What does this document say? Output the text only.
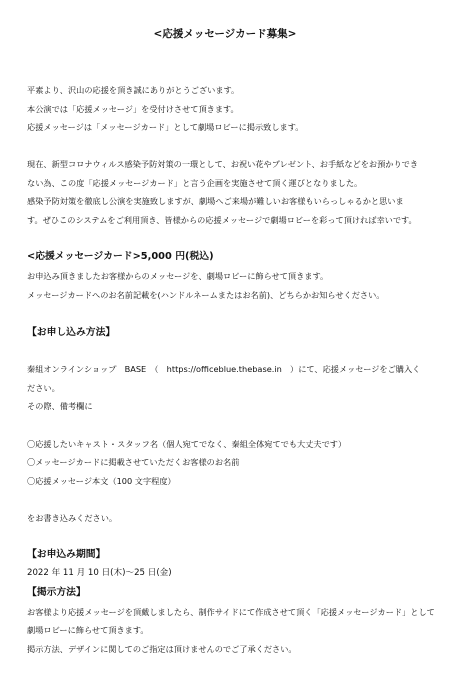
<応援メッセージカード募集>
平素より、沢山の応援を頂き誠にありがとうございます。
本公演では「応援メッセージ」を受付けさせて頂きます。
応援メッセージは「メッセージカード」として劇場ロビーに掲示致します。
現在、新型コロナウィルス感染予防対策の一環として、お祝い花やプレゼント、お手紙などをお預かりでき
ない為、この度「応援メッセージカード」と言う企画を実施させて頂く運びとなりました。
感染予防対策を徹底し公演を実施致しますが、劇場へご来場が難しいお客様もいらっしゃるかと思いま
す。ぜひこのシステムをご利用頂き、皆様からの応援メッセージで劇場ロビーを彩って頂ければ幸いです。
<応援メッセージカード>5,000 円(税込)
お申込み頂きましたお客様からのメッセージを、劇場ロビーに飾らせて頂きます。
メッセージカードへのお名前記載を(ハンドルネームまたはお名前)、どちらかお知らせください。
【お申し込み方法】
秦組オンラインショップ　BASE　（　https://officeblue.thebase.in　）にて、応援メッセージをご購入く
ださい。
その際、備考欄に
〇応援したいキャスト・スタッフ名（個人宛てでなく、秦組全体宛てでも大丈夫です）
〇メッセージカードに掲載させていただくお客様のお名前
〇応援メッセージ本文（100 文字程度）
をお書き込みください。
【お申込み期間】
2022 年 11 月 10 日(木)～25 日(金)
【掲示方法】
お客様より応援メッセージを頂戴しましたら、制作サイドにて作成させて頂く「応援メッセージカード」として
劇場ロビーに飾らせて頂きます。
掲示方法、デザインに関してのご指定は頂けませんのでご了承ください。
